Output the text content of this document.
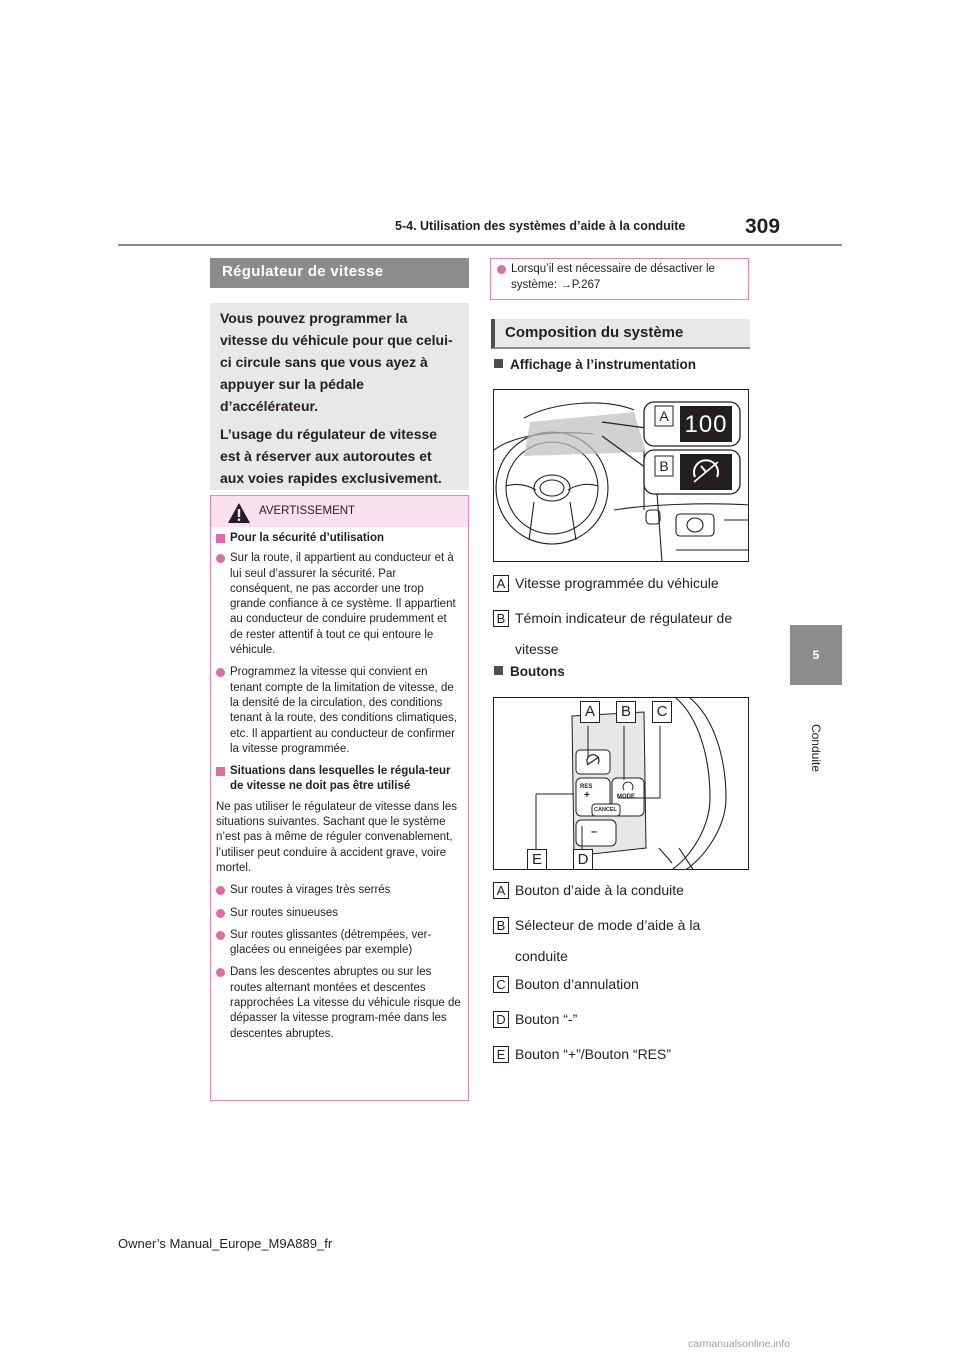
5-4. Utilisation des systèmes d’aide à la conduite	309
5
Conduite
Régulateur de vitesse

Vous pouvez programmer la vitesse du véhicule pour que celui-ci circule sans que vous ayez à appuyer sur la pédale d’accélérateur.

L’usage du régulateur de vitesse est à réserver aux autoroutes et aux voies rapides exclusivement.

AVERTISSEMENT
Pour la sécurité d’utilisation
Sur la route, il appartient au conducteur et à lui seul d’assurer la sécurité. Par conséquent, ne pas accorder une trop grande confiance à ce système. Il appartient au conducteur de conduire prudemment et de rester attentif à tout ce qui entoure le véhicule.
Programmez la vitesse qui convient en tenant compte de la limitation de vitesse, de la densité de la circulation, des conditions tenant à la route, des conditions climatiques, etc. Il appartient au conducteur de confirmer la vitesse programmée.
Situations dans lesquelles le régula-teur de vitesse ne doit pas être utilisé
Ne pas utiliser le régulateur de vitesse dans les situations suivantes. Sachant que le système n’est pas à même de réguler convenablement, l’utiliser peut conduire à accident grave, voire mortel.
Sur routes à virages très serrés
Sur routes sinueuses
Sur routes glissantes (détrempées, ver-glacées ou enneigées par exemple)
Dans les descentes abruptes ou sur les routes alternant montées et descentes rapprochées La vitesse du véhicule risque de dépasser la vitesse program-mée dans les descentes abruptes.
Lorsqu’il est nécessaire de désactiver le système: →P.267
Composition du système
Affichage à l’instrumentation
A
B
100
A Vitesse programmée du véhicule
B Témoin indicateur de régulateur de vitesse
Boutons
A	B	C
E	D
RES
+	MODE
CANCEL
–
A Bouton d’aide à la conduite
B Sélecteur de mode d’aide à la conduite
C Bouton d’annulation
D Bouton “-”
E Bouton “+”/Bouton “RES”
Owner’s Manual_Europe_M9A889_fr
carmanualsonline.info
